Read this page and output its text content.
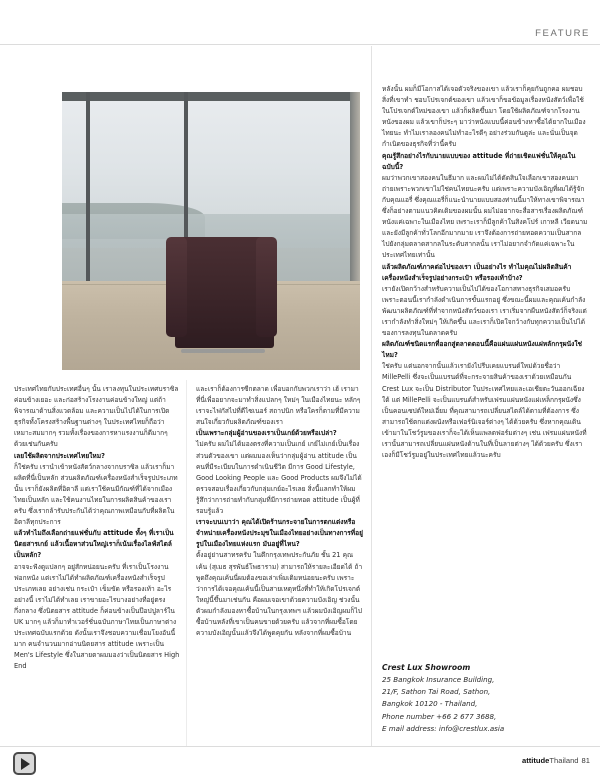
FEATURE

ประเทศไทยกับประเทศอื่นๆ นั้น เราลงทุนในประเทศบราซิลค่อนข้างเยอะ และก่อสร้างโรงงานค่อนข้างใหญ่ แต่ถ้าพิจารณาด้านสิ่งแวดล้อม และความเป็นไปได้ในการเปิดธุรกิจทั้งโครงสร้างพื้นฐานต่างๆ ในประเทศไทยก็ถือว่าเหมาะสมมากๆ รวมทั้งเรื่องของการหาแรงงานก็ดีมากๆ ด้วยเช่นกันครับ

เลยใช้ผลิตจากประเทศไทยใหม?

ก็ใช่ครับ เรานำเข้าหนังสัตว์กลางจากบราซิล แล้วเราก็มาผลิตที่นี่เป็นหลัก ส่วนผลิตภัณฑ์เครื่องหนังสำเร็จรูปประเภทนั้น เราก็ยังผลิตที่อิตาลี แต่เราใช้คนมีกัณฑ์ที่ได้จากเมืองไทยเป็นหลัก และใช้คนงานไทยในการผลิตสินค้าของเราครับ ซึ่งเรากล้ารับประกันได้ว่าคุณภาพเหมือนกับที่ผลิตในอิตาลีทุกประการ

แล้วทำไมถึงเลือกถ่ายแฟชั่นกับ attitude ทั้งๆ ที่เราเป็นนิตยสารเกย์ แล้วเนื้อหาส่วนใหญ่เราก็เน้นเรื่องไลฟ์สไตล์เป็นหลัก?

อาจจะฟังดูแปลกๆ อยู่สักหน่อยนะครับ ที่เราเป็นโรงงานฟอกหนัง แต่เราไม่ได้ทำผลิตภัณฑ์เครื่องหนังสำเร็จรูปประเภทเลย อย่างเช่น กระเป๋า เข็มขัด หรือรองเท้า อะไรอย่างนี้ เราไม่ได้ทำเลย เราขายอะไรบางอย่างที่อยู่ตรงกึ่งกลาง ซึ่งนิตยสาร attitude ก็ค่อนข้างเป็นป๊อปปูลาร์ใน UK มากๆ แล้วก็มาทำเวอร์ชั่นฉบับภาษาไทยเป็นภาษาต่างประเทศฉบับแรกด้วย ดังนั้นเราจึงชอบความเชื่อมโยงอันนี้มาก คนจำนวนมากอ่านนิตยสาร attitude เพราะเป็น Men's Lifestyle ซึ่งในสายตาผมมองว่าเป็นนิตยสาร High End

และเราก็ต้องการซีกตลาด เพื่อบอกกับพวกเราว่า เฮ้ เรามาที่นี่เพื่ออยากจะมาทำสิ่งแปลกๆ ใหม่ๆ ในเมืองไทยนะ หลักๆ เราจะไฟกัสไปที่ดีไซเนอร์ สถาปนิก หรือใครก็ตามที่มีความสนใจเกี่ยวกับผลิตภัณฑ์ของเรา

เป็นเพราะกลุ่มผู้อ่านของเราเป็นเกย์ด้วยหรือเปล่า?

ไม่ครับ ผมไม่ได้มองตรงที่ความเป็นเกย์ เกย์ไม่เกย์เป็นเรื่องส่วนตัวของเขา แต่ผมมองเห็นว่ากลุ่มผู้อ่าน attitude เป็นคนที่มีระเบียบในการดำเนินชีวิต มีการ Good Lifestyle, Good Looking People และ Good Products ผมจึงไม่ได้ตรวจสอบเรื่องเกี่ยวกับกลุ่มเกย์อะไรเลย สิ่งนี้แลกทำให้ผมรู้สึกว่าการถ่ายทำกับกลุ่มที่มีการถ่ายทอด attitude เป็นผู้ที่รอบรู้แล้ว

เราจะบนเบาว่า คุณได้เปิดร้านกระจายในการตกแต่งหรือจำหน่ายเครื่องหนังประมุขในเมืองไทยอย่างเป็นทางการที่อยู่รูปในเมืองไทยแห่งแรก มันอยู่ที่ไหน?

ตั้งอยู่ย่านสาทรครับ ในตึกกรุงเทพประกันภัย ชั้น 21 คุณเค้น (สุเมธ สุรพันธ์โพธาราม) สามารถให้รายละเอียดได้ ถ้าพูดถึงคุณเค้นนี่ผมต้องขอเล่าเพิ่มเติมหน่อยนะครับ เพราะว่าการได้เจอคุณเค้นนี้เป็นสายเหตุหนึ่งที่ทำให้เกิดโปรเจกต์ใหญ่นี้ขึ้นมาเช่นกัน คือผมเจอเขาด้วยความบังเอิญ ช่วงนั้นตัวผมกำลังมองหาซื้อบ้านในกรุงเทพฯ แล้วผมบังเอิญผมก็ไปซื้อบ้านหลังที่เขาเป็นคนขายด้วยครับ แล้วจากที่ผมซื้อโดยความบังเอิญนั้นแล้วจึงได้พูดคุยกัน หลังจากที่ผมซื้อบ้าน

หลังนั้น ผมก็มีโอกาสได้เจอตัวจริงของเขา แล้วเราก็คุยกันถูกคอ ผมชอบสิ่งที่เขาทำ ชอบโปรเจกต์ของเขา แล้วเขาก็ขอข้อมูลเรื่องหนังสัตว์เพื่อใช้ในโปรเจกต์ใหม่ของเขา แล้วก็ผลิตขึ้นมา โดยใช้ผลิตภัณฑ์จากโรงงานหนังของผม แล้วเขาก็ประๆ มาว่าหนังแบบนี้ค่อนข้างหาซื้อได้ยากในเมืองไทยนะ ทำไมเราลองคนไม่ทำอะไรดีๆ อย่างร่วมกันดูล่ะ และนั่นเป็นจุดกำเนิดของธุรกิจที่ว่านี้ครับ

คุณรู้สึกอย่างไรกับนายแบบของ attitude ที่ถ่ายเชิดแฟชั่นให้คุณในฉบับนี้?

ผมว่าพวกเขาสองคนในธีมาก และผมไม่ได้ตัดสินใจเลือกเขาสองคนมาถ่ายเพราะพวกเขาไม่ใช่คนไทยนะครับ แต่เพราะความบังเอิญที่ผมได้รู้จักกับคุณแอรี่ ซึ่งคุณแอรี่ก็แนะนำนายแบบสองท่านนี้มาให้ทางเขาพิจารณา ซึ่งก็อย่างตามแนวคิดเดิมของผมนั้น ผมไม่อยากจะสื่อสารเรื่องผลิตภัณฑ์หนังแค่เฉพาะในเมืองไทย เพราะเราก็มีลูกค้าในสิงคโปร์ เกาหลี เวียดนาม และยังมีลูกค้าทั่วโลกอีกมากมาย เราจึงต้องการถ่ายทอดความเป็นสากลไปยังกลุ่มตลาดสากลในระดับสากลนั้น เราไม่อยากจำกัดแค่เฉพาะในประเทศไทยเท่านั้น

แล้วผลิตภัณฑ์ภาคต่อไปของเรา เป็นอย่างไร ทำไมคุณไม่ผลิตสินค้าเครื่องหนังสำเร็จรูปอย่างกระเป๋า หรือรองเท้าบ้าง?

เรายังเปิดกว้างสำหรับความเป็นไปได้ของโอกาสทางธุรกิจเสมอครับ เพราะตอนนี้เรากำลังดำเนินการขั้นแรกอยู่ ซึ่งขณะนี้ผมและคุณเค้นกำลังพัฒนาผลิตภัณฑ์ที่ทำจากหนังสัตว์ของเรา เราเริ่มจากผืนหนังสัตว์ก็จริงแต่เรากำลังทำสิ่งใหม่ๆ ให้เกิดขึ้น และเราก็เปิดใจกว้างกับทุกความเป็นไปได้ของการลงทุนในตลาดครับ

ผลิตภัณฑ์ชนิดแรกที่ออกสู่ตลาดตอนนี้คือแผ่นแผ่นหนังแผ่หลักกรุผนังใช่ไหม?

ใช่ครับ แต่นอกจากนั้นแล้วเรายังไปรีบเคยแบรนด์ใหม่ด้วยชื่อว่า MillePelli ซึ่งจะเป็นแบรนด์ที่จะกระจายสินค้าของเราด้วยเหมือนกัน Crest Lux จะเป็น Distributor ในประเทศไทยและเอเชียตะวันออกเฉียงใต้ แต่ MillePelli จะเป็นแบรนด์สำหรับเฟรมแผ่นหนังแผ่เหล็กกรุผนังซึ่งเป็นคอนเซปต์ใหม่เอี่ยม ที่คุณสามารถเปลี่ยนสไตล์ได้ตามที่ต้องการ ซึ่งสามารถใช้ตกแต่งผนังหรือเฟอร์นิเจอร์ต่างๆ ได้ด้วยครับ ซึ่งหากคุณเดินเข้ามาในโชว์รูมของเราก็จะได้เห็นแพลตฟอร์มต่างๆ เช่น เฟรมแผ่นหนังที่เรานั้นสามารถเปลี่ยนแผ่นหนังด้านในที่เป็นลายต่างๆ ได้ด้วยครับ ซึ่งเราเองก็มีโชว์รูมอยู่ในประเทศไทยแล้วนะครับ

Crest Lux Showroom
25 Bangkok Insurance Building,
21/F, Sathon Tai Road, Sathon,
Bangkok 10120 - Thailand,
Phone number +66 2 677 3688,
E mail address: info@crestlux.asia
attitudeThailand 81
